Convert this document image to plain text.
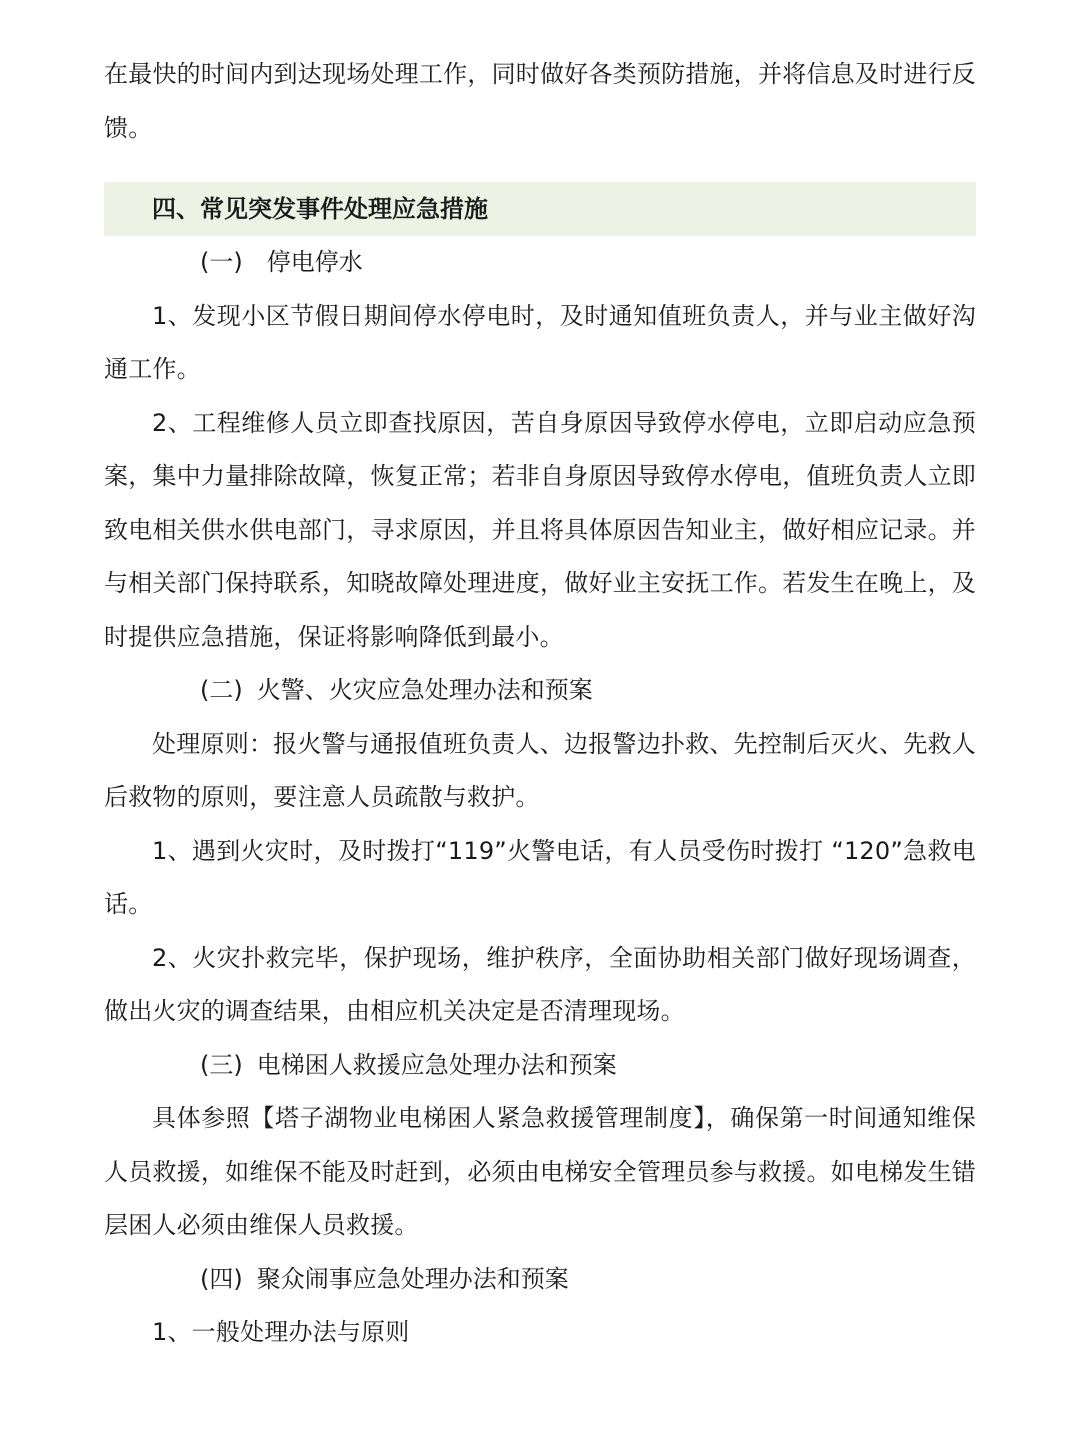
在最快的时间内到达现场处理工作，同时做好各类预防措施，并将信息及时进行反馈。

四、常见突发事件处理应急措施
(一) 停电停水

1、发现小区节假日期间停水停电时，及时通知值班负责人，并与业主做好沟通工作。

2、工程维修人员立即查找原因，苦自身原因导致停水停电，立即启动应急预案，集中力量排除故障，恢复正常；若非自身原因导致停水停电，值班负责人立即致电相关供水供电部门，寻求原因，并且将具体原因告知业主，做好相应记录。并与相关部门保持联系，知晓故障处理进度，做好业主安抚工作。若发生在晚上，及时提供应急措施，保证将影响降低到最小。

(二) 火警、火灾应急处理办法和预案

处理原则：报火警与通报值班负责人、边报警边扑救、先控制后灭火、先救人后救物的原则，要注意人员疏散与救护。

1、遇到火灾时，及时拨打“119”火警电话，有人员受伤时拨打 “120”急救电话。

2、火灾扑救完毕，保护现场，维护秩序，全面协助相关部门做好现场调查，做出火灾的调查结果，由相应机关决定是否清理现场。

(三) 电梯困人救援应急处理办法和预案

具体参照【塔子湖物业电梯困人紧急救援管理制度】，确保第一时间通知维保人员救援，如维保不能及时赶到，必须由电梯安全管理员参与救援。如电梯发生错层困人必须由维保人员救援。

(四) 聚众闹事应急处理办法和预案

1、一般处理办法与原则
